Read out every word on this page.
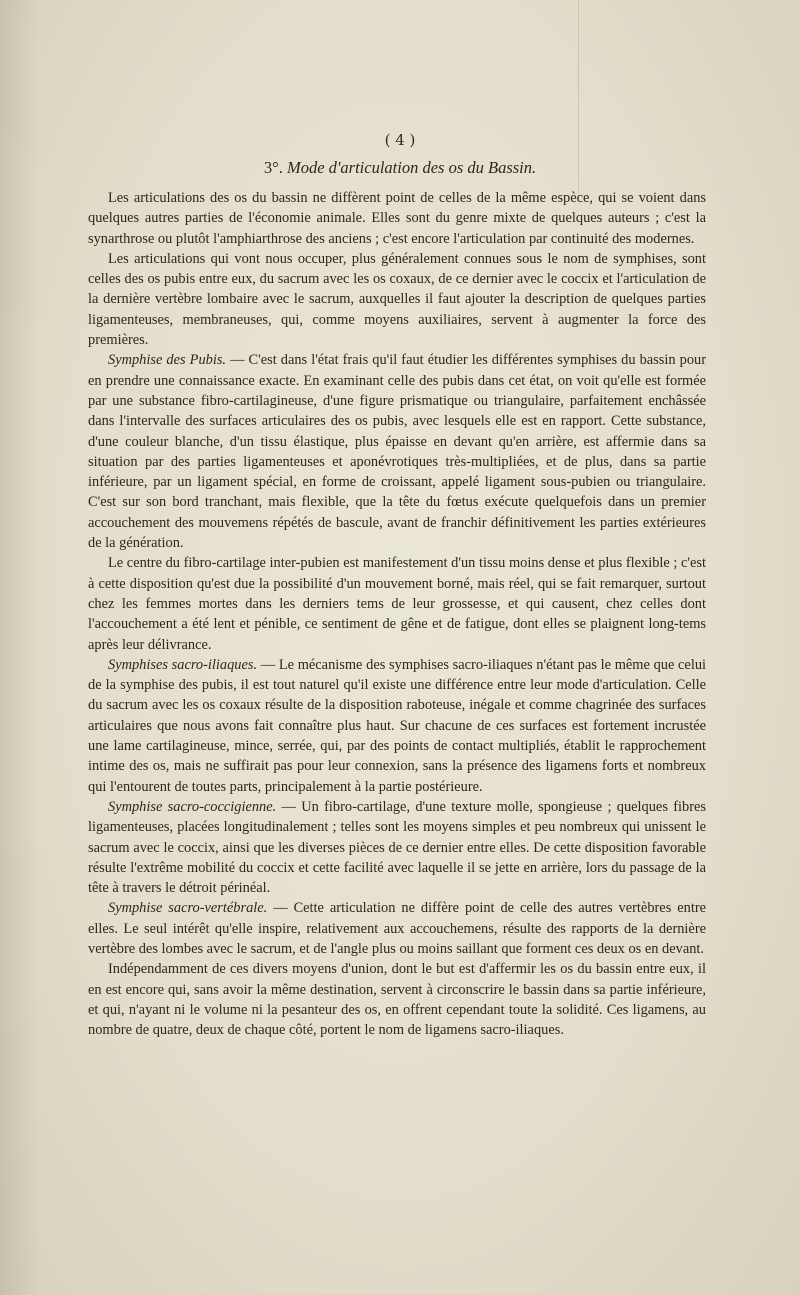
( 4 )
3°. Mode d'articulation des os du Bassin.

Les articulations des os du bassin ne diffèrent point de celles de la même espèce, qui se voient dans quelques autres parties de l'économie animale. Elles sont du genre mixte de quelques auteurs ; c'est la synarthrose ou plutôt l'amphiarthrose des anciens ; c'est encore l'articulation par continuité des modernes.

Les articulations qui vont nous occuper, plus généralement connues sous le nom de symphises, sont celles des os pubis entre eux, du sacrum avec les os coxaux, de ce dernier avec le coccix et l'articulation de la dernière vertèbre lombaire avec le sacrum, auxquelles il faut ajouter la description de quelques parties ligamenteuses, membraneuses, qui, comme moyens auxiliaires, servent à augmenter la force des premières.

Symphise des Pubis. — C'est dans l'état frais qu'il faut étudier les différentes symphises du bassin pour en prendre une connaissance exacte. En examinant celle des pubis dans cet état, on voit qu'elle est formée par une substance fibro-cartilagineuse, d'une figure prismatique ou triangulaire, parfaitement enchâssée dans l'intervalle des surfaces articulaires des os pubis, avec lesquels elle est en rapport. Cette substance, d'une couleur blanche, d'un tissu élastique, plus épaisse en devant qu'en arrière, est affermie dans sa situation par des parties ligamenteuses et aponévrotiques très-multipliées, et de plus, dans sa partie inférieure, par un ligament spécial, en forme de croissant, appelé ligament sous-pubien ou triangulaire. C'est sur son bord tranchant, mais flexible, que la tête du fœtus exécute quelquefois dans un premier accouchement des mouvemens répétés de bascule, avant de franchir définitivement les parties extérieures de la génération.

Le centre du fibro-cartilage inter-pubien est manifestement d'un tissu moins dense et plus flexible ; c'est à cette disposition qu'est due la possibilité d'un mouvement borné, mais réel, qui se fait remarquer, surtout chez les femmes mortes dans les derniers tems de leur grossesse, et qui causent, chez celles dont l'accouchement a été lent et pénible, ce sentiment de gêne et de fatigue, dont elles se plaignent long-tems après leur délivrance.

Symphises sacro-iliaques. — Le mécanisme des symphises sacro-iliaques n'étant pas le même que celui de la symphise des pubis, il est tout naturel qu'il existe une différence entre leur mode d'articulation. Celle du sacrum avec les os coxaux résulte de la disposition raboteuse, inégale et comme chagrinée des surfaces articulaires que nous avons fait connaître plus haut. Sur chacune de ces surfaces est fortement incrustée une lame cartilagineuse, mince, serrée, qui, par des points de contact multipliés, établit le rapprochement intime des os, mais ne suffirait pas pour leur connexion, sans la présence des ligamens forts et nombreux qui l'entourent de toutes parts, principalement à la partie postérieure.

Symphise sacro-coccigienne. — Un fibro-cartilage, d'une texture molle, spongieuse ; quelques fibres ligamenteuses, placées longitudinalement ; telles sont les moyens simples et peu nombreux qui unissent le sacrum avec le coccix, ainsi que les diverses pièces de ce dernier entre elles. De cette disposition favorable résulte l'extrême mobilité du coccix et cette facilité avec laquelle il se jette en arrière, lors du passage de la tête à travers le détroit périnéal.

Symphise sacro-vertébrale. — Cette articulation ne diffère point de celle des autres vertèbres entre elles. Le seul intérêt qu'elle inspire, relativement aux accouchemens, résulte des rapports de la dernière vertèbre des lombes avec le sacrum, et de l'angle plus ou moins saillant que forment ces deux os en devant.

Indépendamment de ces divers moyens d'union, dont le but est d'affermir les os du bassin entre eux, il en est encore qui, sans avoir la même destination, servent à circonscrire le bassin dans sa partie inférieure, et qui, n'ayant ni le volume ni la pesanteur des os, en offrent cependant toute la solidité. Ces ligamens, au nombre de quatre, deux de chaque côté, portent le nom de ligamens sacro-iliaques.
